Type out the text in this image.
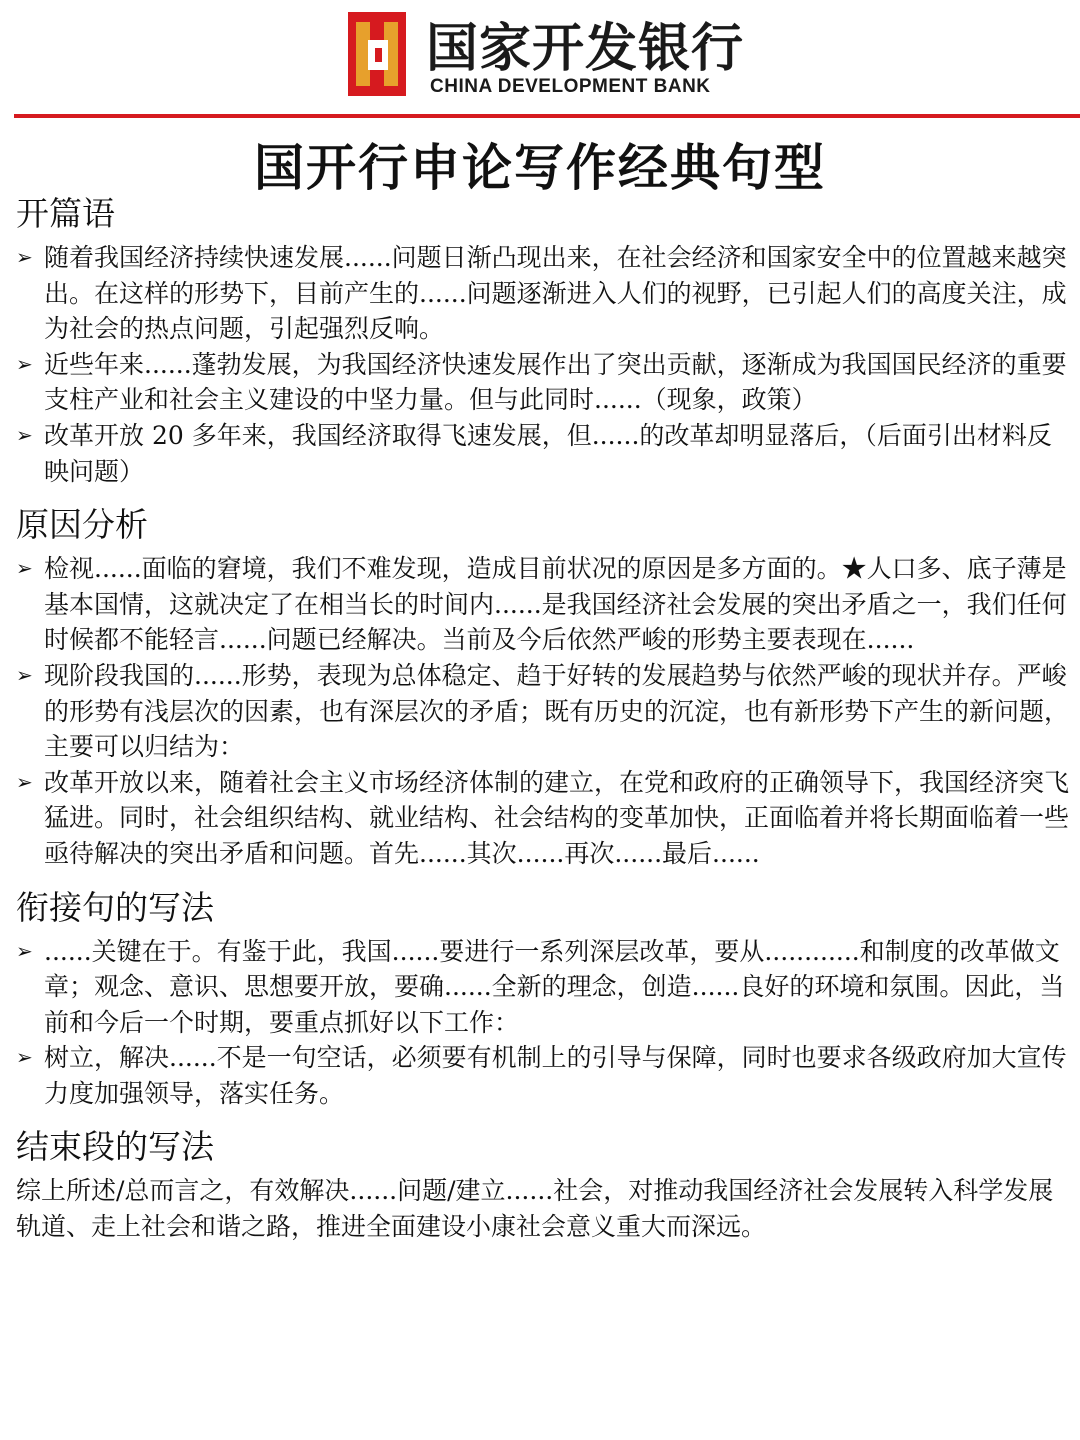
国家开发银行
CHINA DEVELOPMENT BANK
国开行申论写作经典句型
开篇语
➢ 随着我国经济持续快速发展......问题日渐凸现出来，在社会经济和国家安全中的位置越来越突出。在这样的形势下，目前产生的......问题逐渐进入人们的视野，已引起人们的高度关注，成为社会的热点问题，引起强烈反响。
➢ 近些年来......蓬勃发展，为我国经济快速发展作出了突出贡献，逐渐成为我国国民经济的重要支柱产业和社会主义建设的中坚力量。但与此同时......（现象，政策）
➢ 改革开放 20 多年来，我国经济取得飞速发展，但......的改革却明显落后，（后面引出材料反映问题）
原因分析
➢ 检视......面临的窘境，我们不难发现，造成目前状况的原因是多方面的。★人口多、底子薄是基本国情，这就决定了在相当长的时间内......是我国经济社会发展的突出矛盾之一，我们任何时候都不能轻言......问题已经解决。当前及今后依然严峻的形势主要表现在......
➢ 现阶段我国的......形势，表现为总体稳定、趋于好转的发展趋势与依然严峻的现状并存。严峻的形势有浅层次的因素，也有深层次的矛盾；既有历史的沉淀，也有新形势下产生的新问题，主要可以归结为：
➢ 改革开放以来，随着社会主义市场经济体制的建立，在党和政府的正确领导下，我国经济突飞猛进。同时，社会组织结构、就业结构、社会结构的变革加快，正面临着并将长期面临着一些亟待解决的突出矛盾和问题。首先......其次......再次......最后......
衔接句的写法
➢ ......关键在于。有鉴于此，我国......要进行一系列深层改革，要从............和制度的改革做文章；观念、意识、思想要开放，要确......全新的理念，创造......良好的环境和氛围。因此，当前和今后一个时期，要重点抓好以下工作：
➢ 树立，解决......不是一句空话，必须要有机制上的引导与保障，同时也要求各级政府加大宣传力度加强领导，落实任务。
结束段的写法

综上所述/总而言之，有效解决......问题/建立......社会，对推动我国经济社会发展转入科学发展轨道、走上社会和谐之路，推进全面建设小康社会意义重大而深远。
